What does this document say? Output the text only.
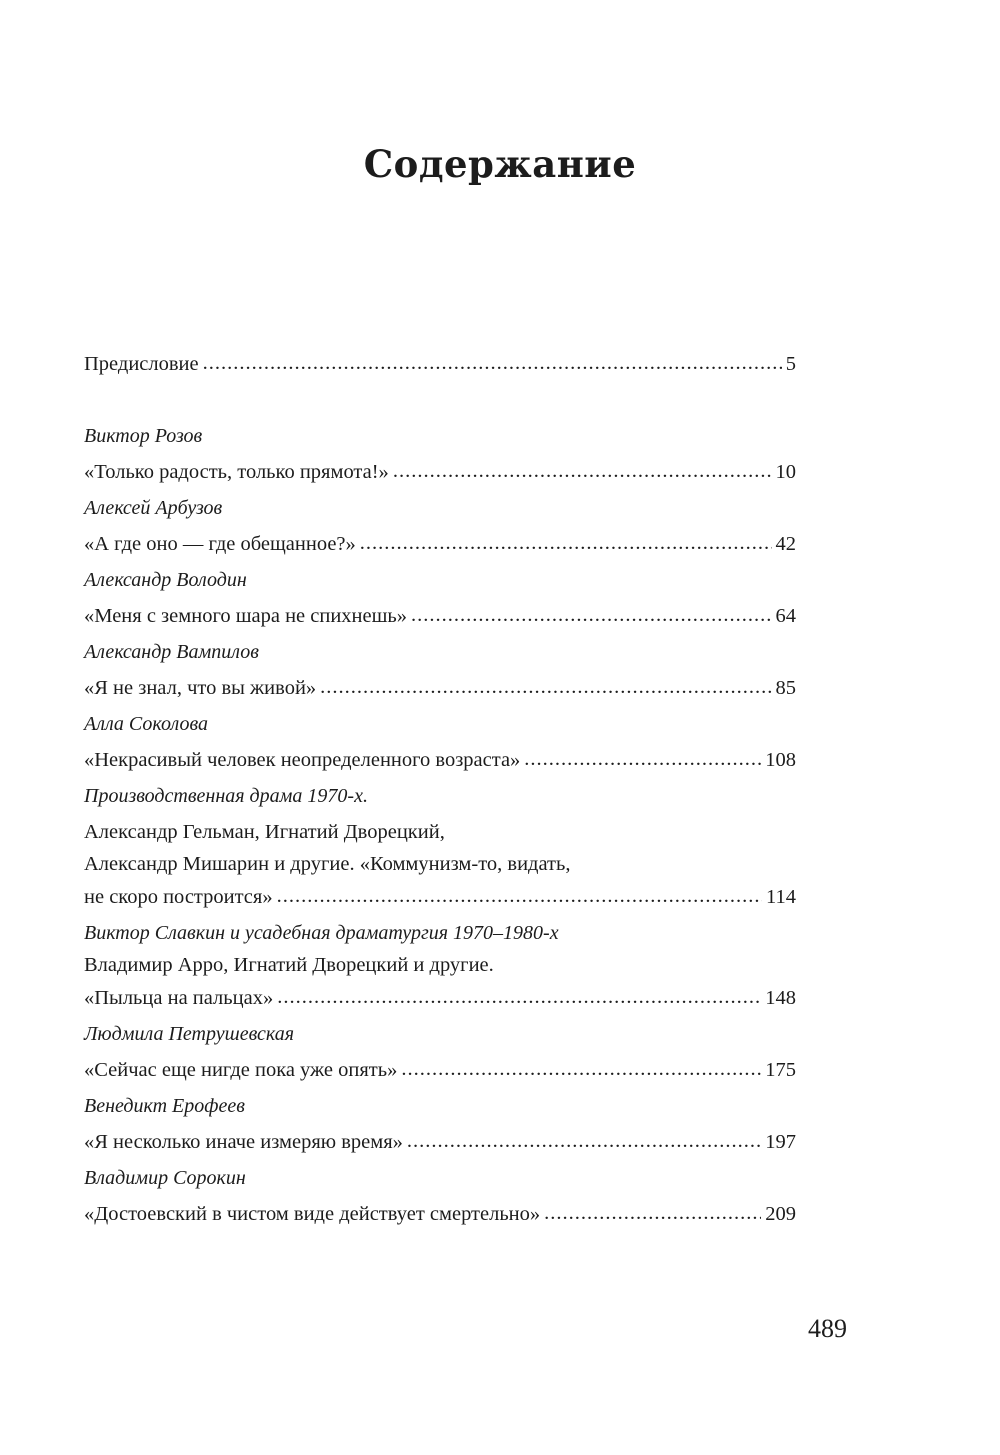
Содержание
Предисловие .....	5
Виктор Розов
«Только радость, только прямота!» .....	10
Алексей Арбузов
«А где оно — где обещанное?» .....	42
Александр Володин
«Меня с земного шара не спихнешь» .....	64
Александр Вампилов
«Я не знал, что вы живой» .....	85
Алла Соколова
«Некрасивый человек неопределенного возраста» .....	108
Производственная драма 1970-х.
Александр Гельман, Игнатий Дворецкий,
Александр Мишарин и другие. «Коммунизм-то, видать,
не скоро построится» .....	114
Виктор Славкин и усадебная драматургия 1970–1980-х
Владимир Арро, Игнатий Дворецкий и другие.
«Пыльца на пальцах» .....	148
Людмила Петрушевская
«Сейчас еще нигде пока уже опять» .....	175
Венедикт Ерофеев
«Я несколько иначе измеряю время» .....	197
Владимир Сорокин
«Достоевский в чистом виде действует смертельно» .....	209

489
